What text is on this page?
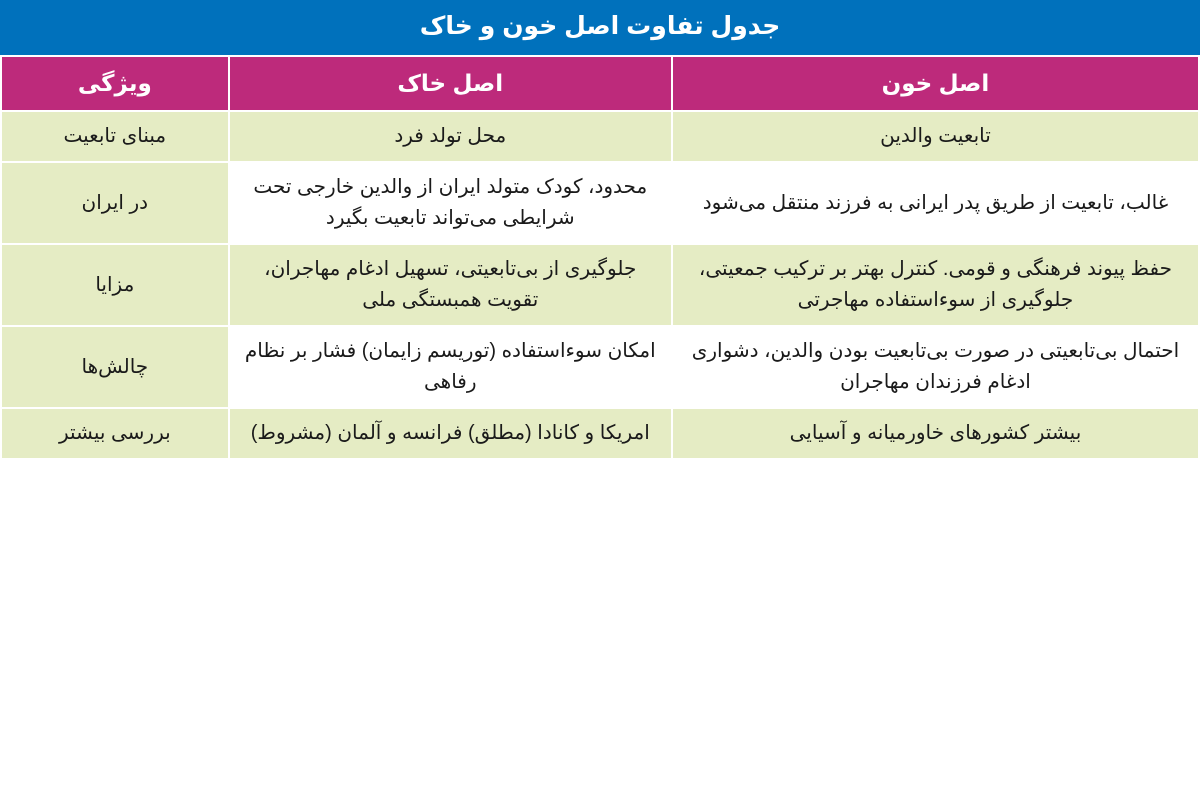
جدول تفاوت اصل خون و خاک
اصل خون	اصل خاک	ویژگی
تابعیت والدین	محل تولد فرد	مبنای تابعیت
غالب، تابعیت از طریق پدر ایرانی به فرزند منتقل می‌شود	محدود، کودک متولد ایران از والدین خارجی تحت شرایطی می‌تواند تابعیت بگیرد	در ایران
حفظ پیوند فرهنگی و قومی. کنترل بهتر بر ترکیب جمعیتی، جلوگیری از سوءاستفاده مهاجرتی	جلوگیری از بی‌تابعیتی، تسهیل ادغام مهاجران، تقویت همبستگی ملی	مزایا
احتمال بی‌تابعیتی در صورت بی‌تابعیت بودن والدین، دشواری ادغام فرزندان مهاجران	امکان سوءاستفاده (توریسم زایمان) فشار بر نظام رفاهی	چالش‌ها
بیشتر کشورهای خاورمیانه و آسیایی	امریکا و کانادا (مطلق) فرانسه و آلمان (مشروط)	بررسی بیشتر
